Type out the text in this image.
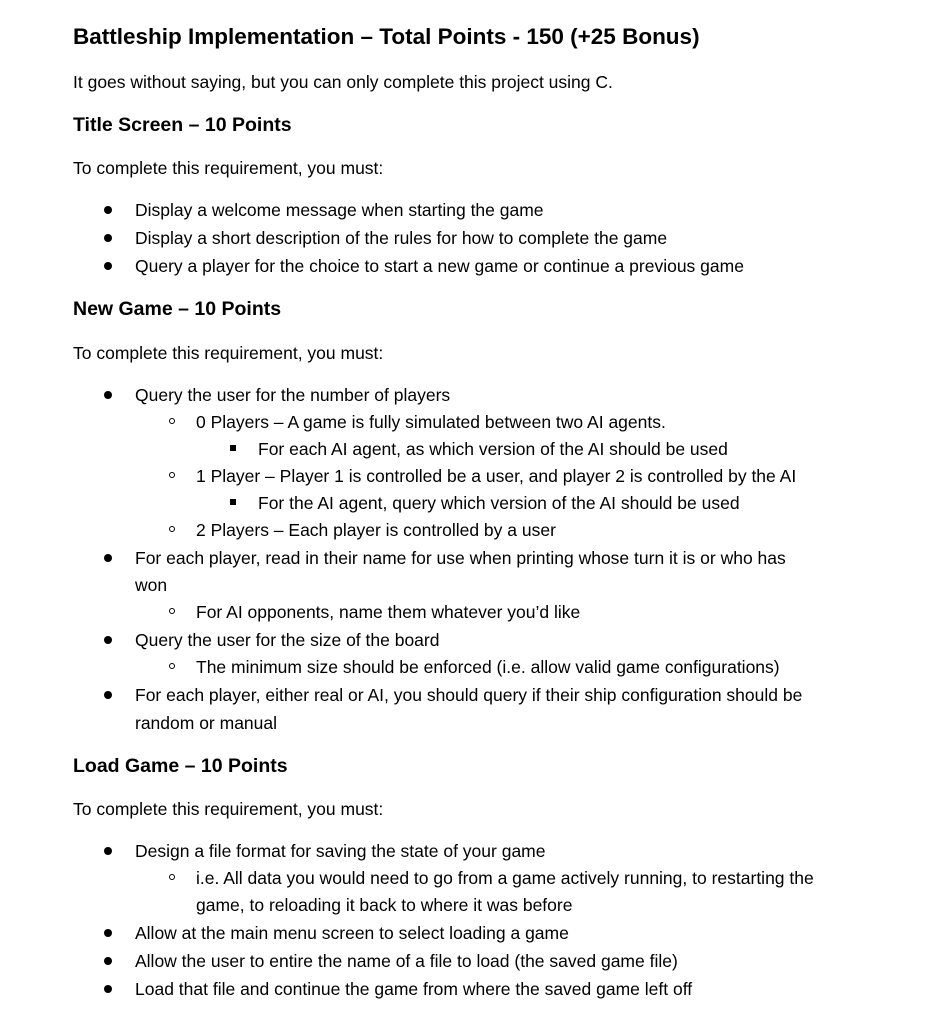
Battleship Implementation – Total Points - 150 (+25 Bonus)
It goes without saying, but you can only complete this project using C.
Title Screen – 10 Points
To complete this requirement, you must:
Display a welcome message when starting the game
Display a short description of the rules for how to complete the game
Query a player for the choice to start a new game or continue a previous game
New Game – 10 Points
To complete this requirement, you must:
Query the user for the number of players
0 Players – A game is fully simulated between two AI agents.
For each AI agent, as which version of the AI should be used
1 Player – Player 1 is controlled be a user, and player 2 is controlled by the AI
For the AI agent, query which version of the AI should be used
2 Players – Each player is controlled by a user
For each player, read in their name for use when printing whose turn it is or who has
won
For AI opponents, name them whatever you’d like
Query the user for the size of the board
The minimum size should be enforced (i.e. allow valid game configurations)
For each player, either real or AI, you should query if their ship configuration should be
random or manual
Load Game – 10 Points
To complete this requirement, you must:
Design a file format for saving the state of your game
i.e. All data you would need to go from a game actively running, to restarting the
game, to reloading it back to where it was before
Allow at the main menu screen to select loading a game
Allow the user to entire the name of a file to load (the saved game file)
Load that file and continue the game from where the saved game left off
